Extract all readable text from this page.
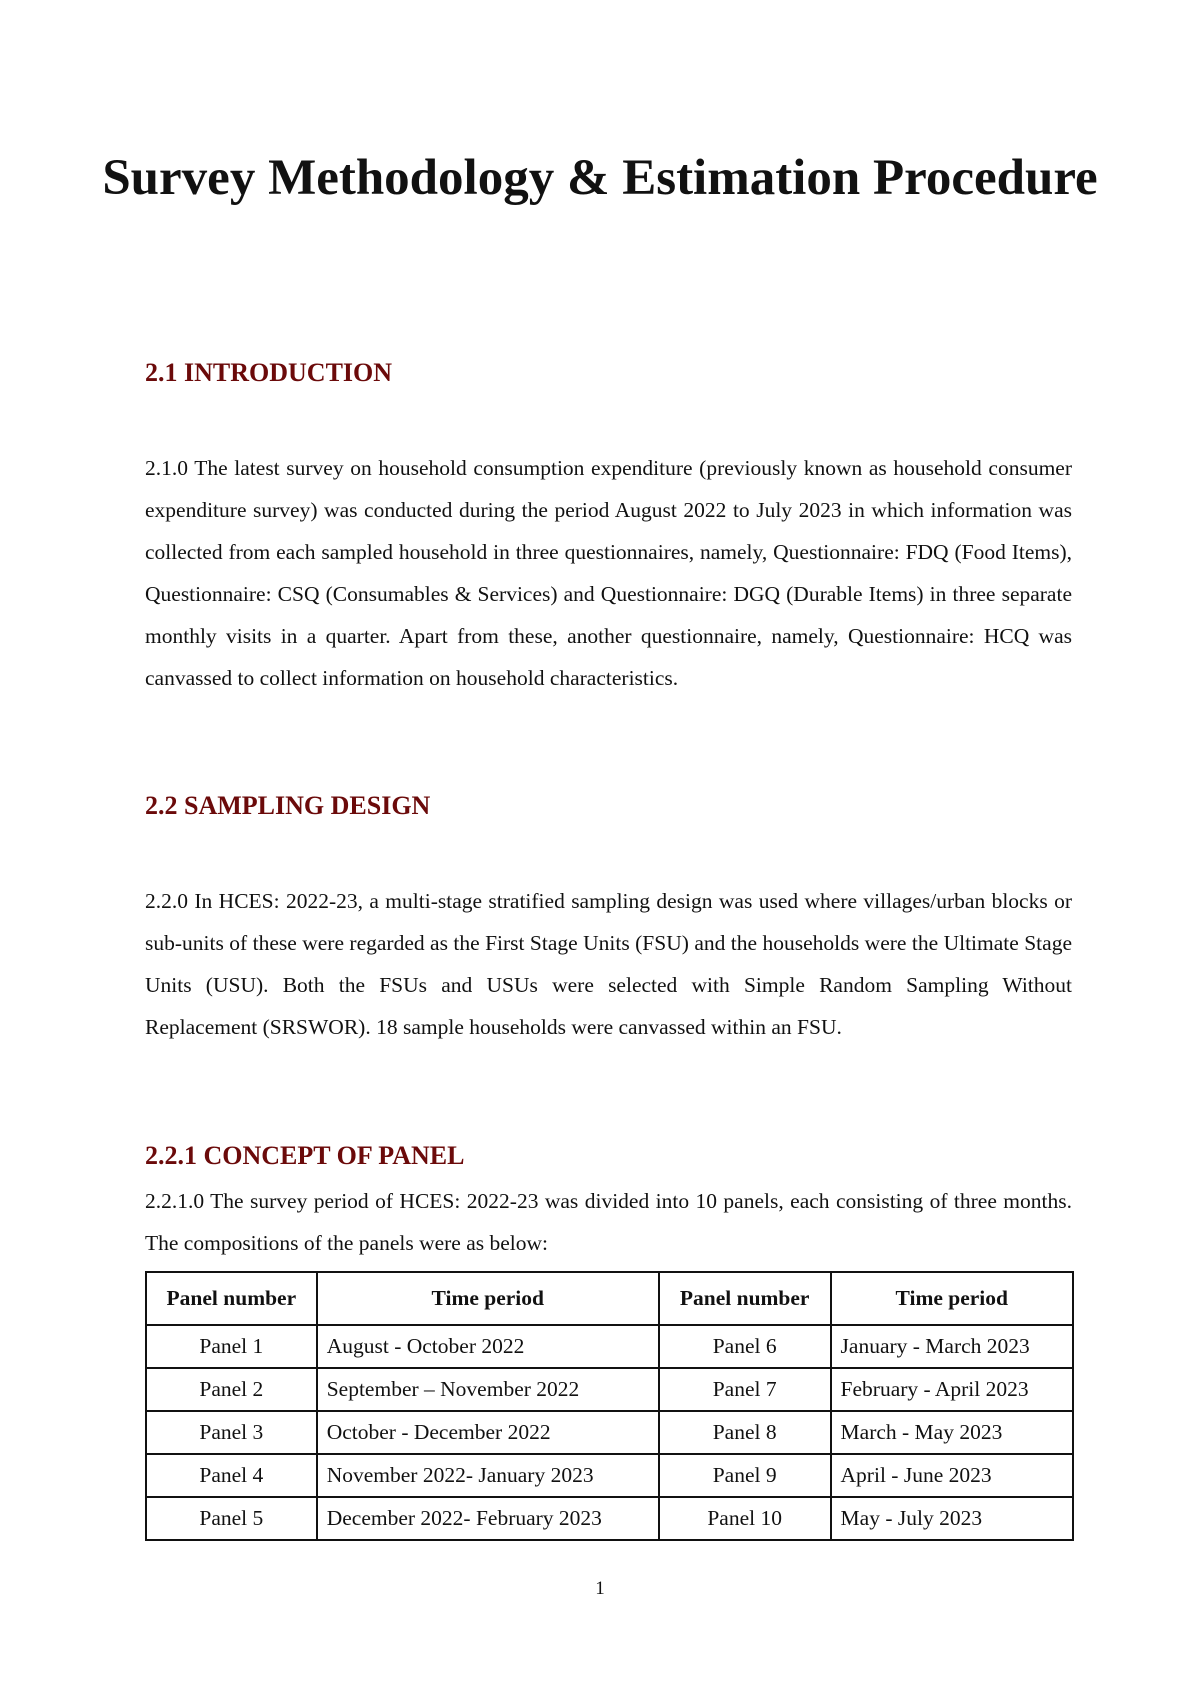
Survey Methodology & Estimation Procedure
2.1 INTRODUCTION

2.1.0 The latest survey on household consumption expenditure (previously known as household consumer expenditure survey) was conducted during the period August 2022 to July 2023 in which information was collected from each sampled household in three questionnaires, namely, Questionnaire: FDQ (Food Items), Questionnaire: CSQ (Consumables & Services) and Questionnaire: DGQ (Durable Items) in three separate monthly visits in a quarter. Apart from these, another questionnaire, namely, Questionnaire: HCQ was canvassed to collect information on household characteristics.

2.2 SAMPLING DESIGN

2.2.0 In HCES: 2022-23, a multi-stage stratified sampling design was used where villages/urban blocks or sub-units of these were regarded as the First Stage Units (FSU) and the households were the Ultimate Stage Units (USU). Both the FSUs and USUs were selected with Simple Random Sampling Without Replacement (SRSWOR). 18 sample households were canvassed within an FSU.

2.2.1 CONCEPT OF PANEL

2.2.1.0 The survey period of HCES: 2022-23 was divided into 10 panels, each consisting of three months. The compositions of the panels were as below:

Panel number	Time period	Panel number	Time period
Panel 1	August - October 2022	Panel 6	January - March 2023
Panel 2	September – November 2022	Panel 7	February - April 2023
Panel 3	October - December 2022	Panel 8	March - May 2023
Panel 4	November 2022- January 2023	Panel 9	April - June 2023
Panel 5	December 2022- February 2023	Panel 10	May - July 2023
1
